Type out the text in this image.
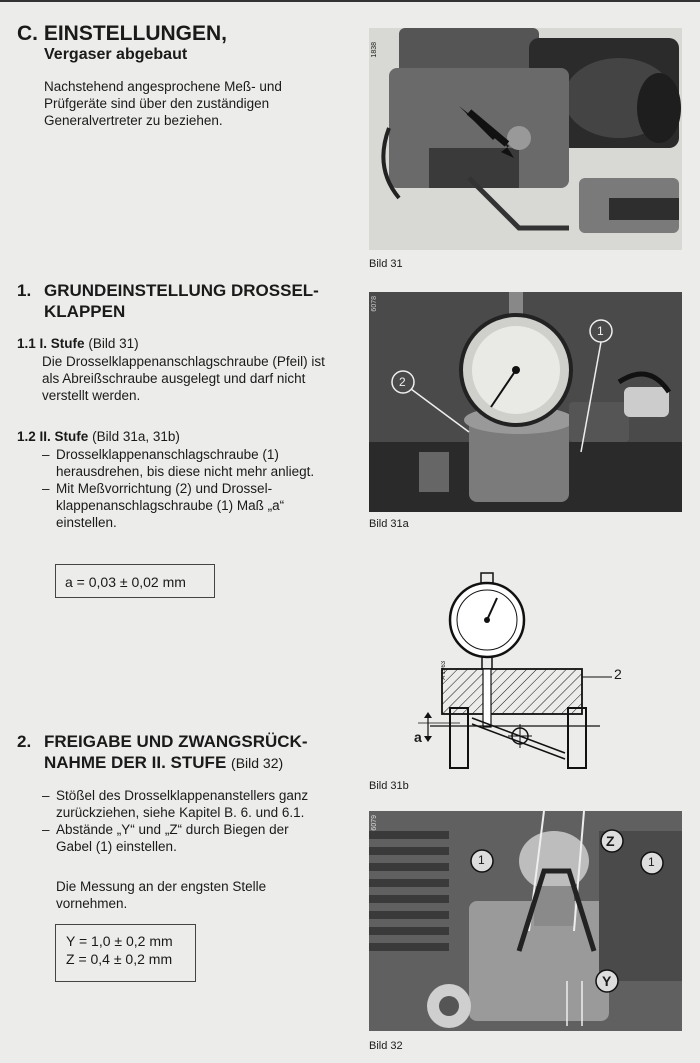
C. EINSTELLUNGEN,
Vergaser abgebaut
Nachstehend angesprochene Meß- und Prüfgeräte sind über den zuständigen Generalvertreter zu beziehen.
1. GRUNDEINSTELLUNG DROSSEL-KLAPPEN
1.1 I. Stufe (Bild 31)
Die Drosselklappenanschlagschraube (Pfeil) ist als Abreißschraube ausgelegt und darf nicht verstellt werden.
1.2 II. Stufe (Bild 31a, 31b)
– Drosselklappenanschlagschraube (1) herausdrehen, bis diese nicht mehr anliegt.
– Mit Meßvorrichtung (2) und Drossel-klappenanschlagschraube (1) Maß „a“ einstellen.
a = 0,03 ± 0,02 mm
2. FREIGABE UND ZWANGSRÜCK-NAHME DER II. STUFE (Bild 32)
– Stößel des Drosselklappenanstellers ganz zurückziehen, siehe Kapitel B. 6. und 6.1.
– Abstände „Y“ und „Z“ durch Biegen der Gabel (1) einstellen.
Die Messung an der engsten Stelle vornehmen.
Y = 1,0 ± 0,2 mm
Z = 0,4 ± 0,2 mm
1838
Bild 31
1
2
6078
Bild 31a
2
a
A 1963
Bild 31b
Z
Y
1	1
6079
Bild 32
